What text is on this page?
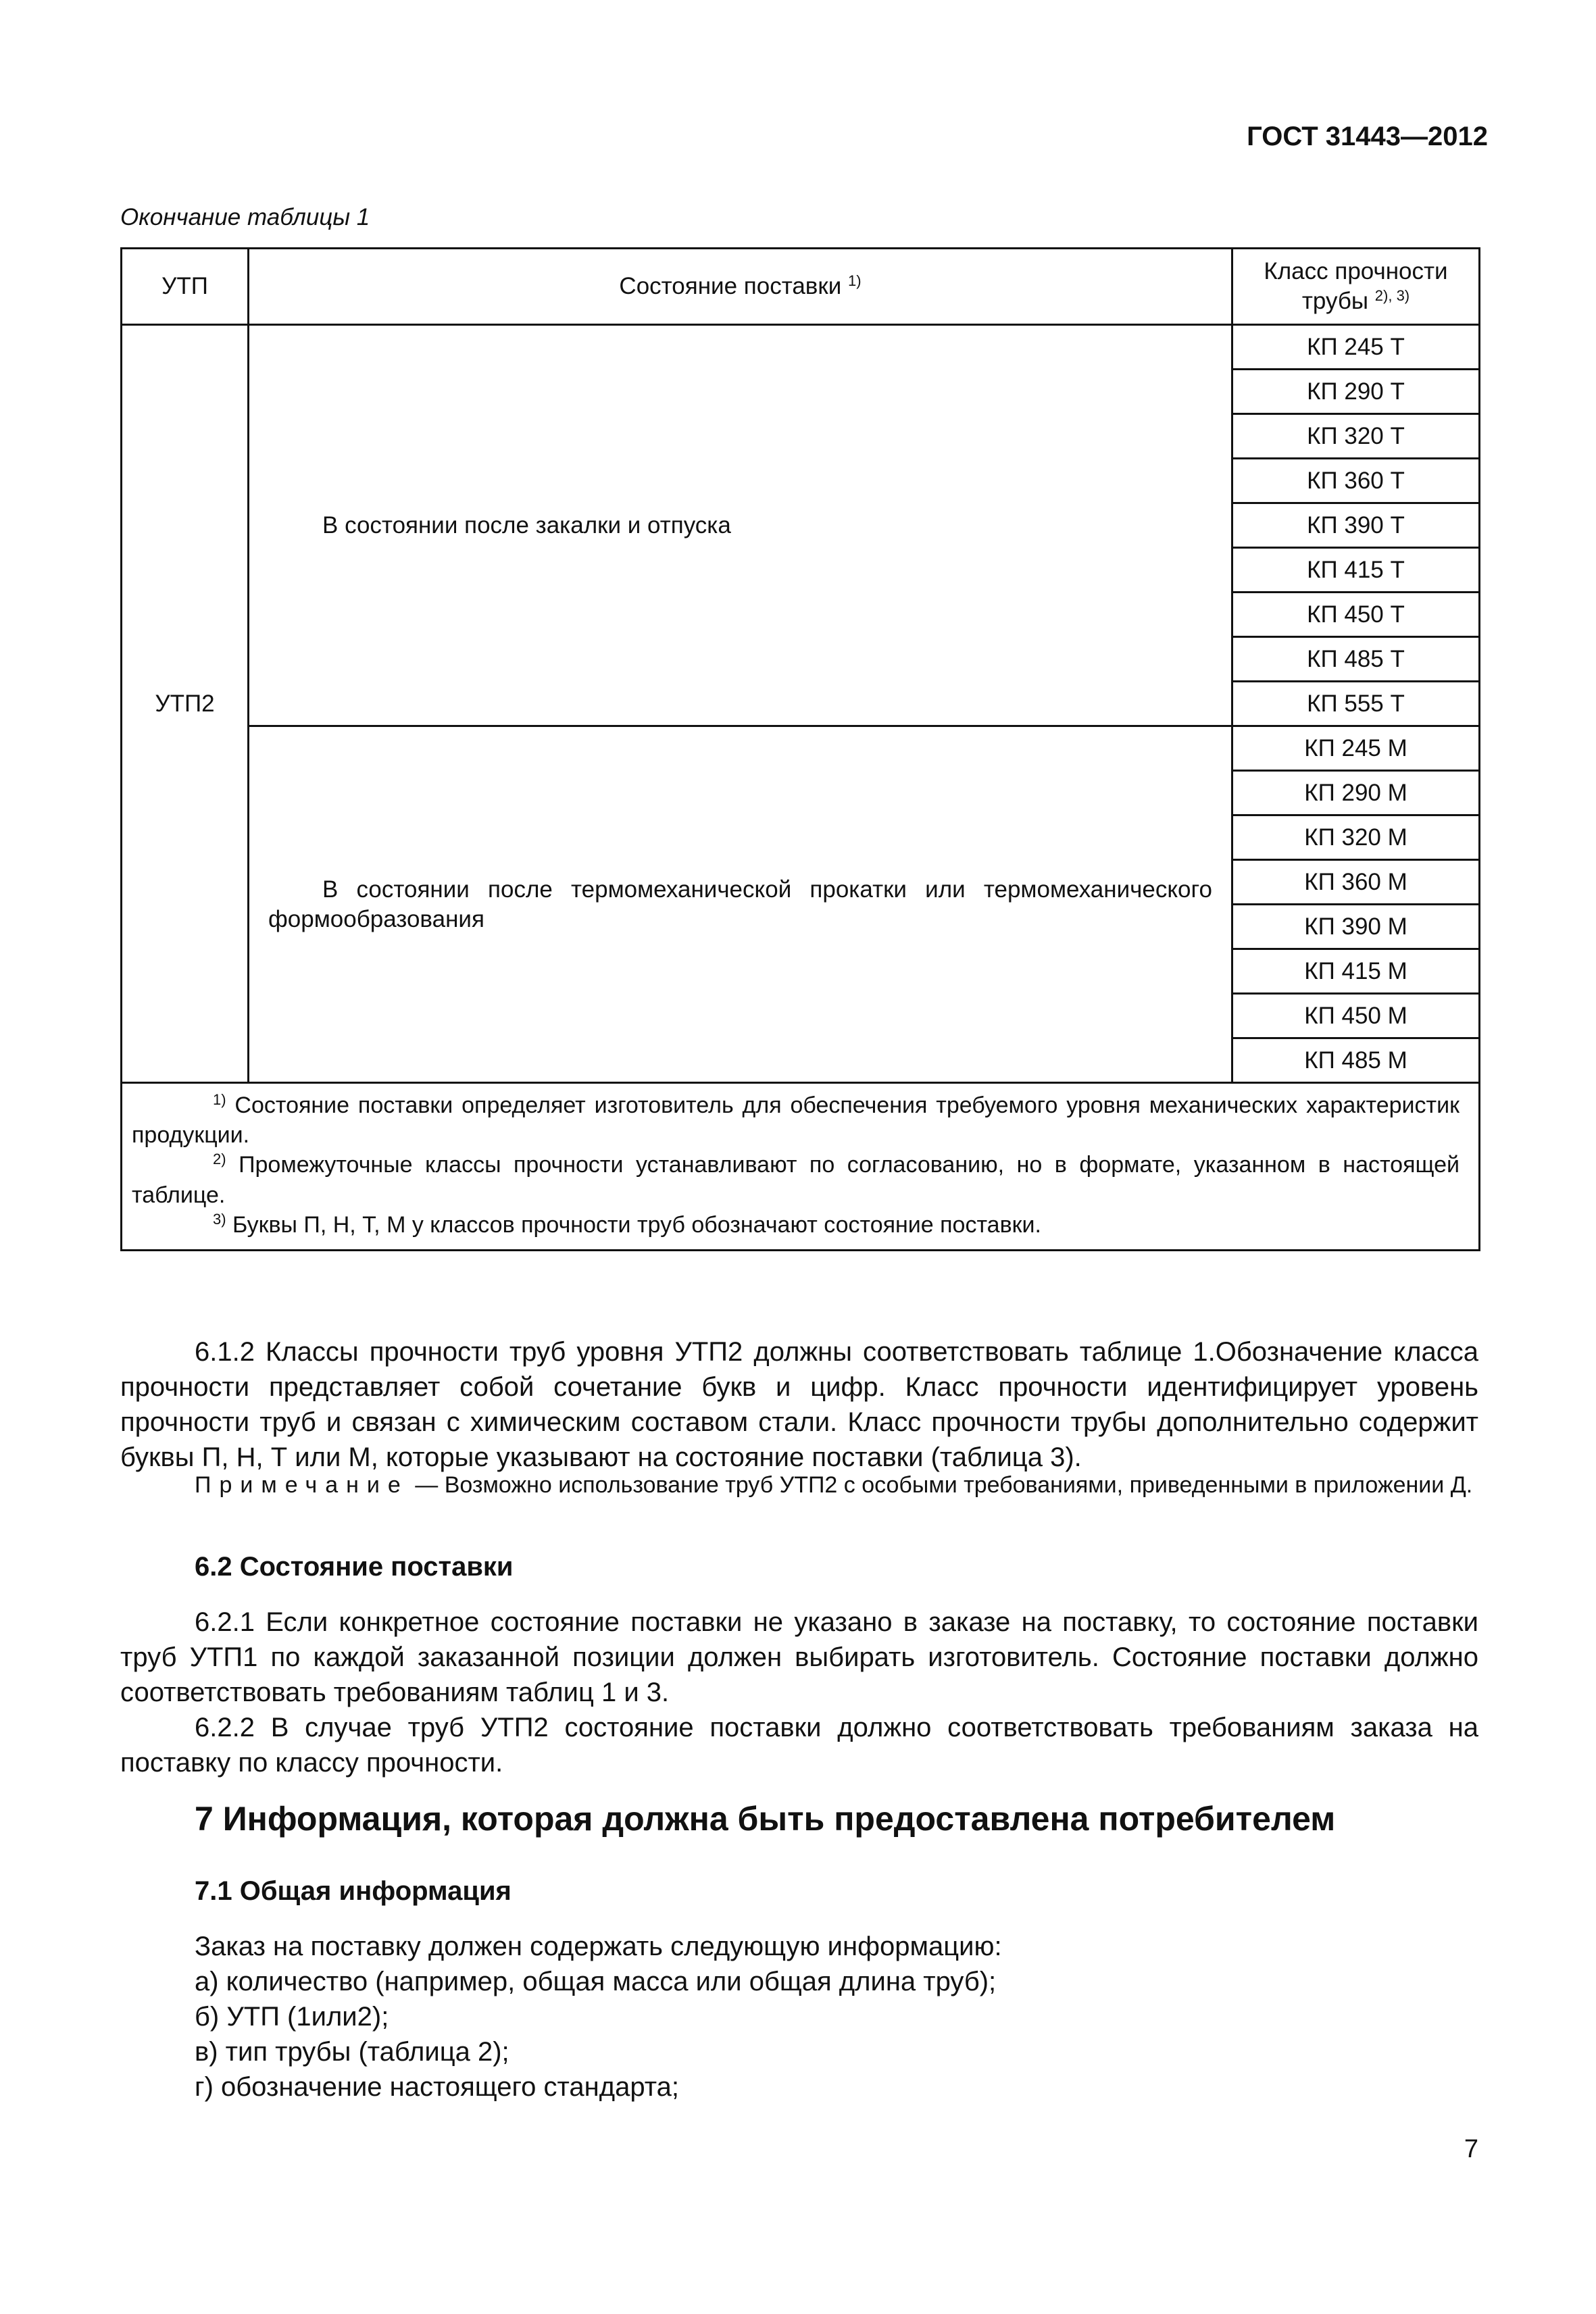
ГОСТ 31443—2012
Окончание таблицы 1
УТП	Состояние поставки $^{1)}$	Класс прочности
трубы $^{2), 3)}$
УТП2	В состоянии после закалки и отпуска	КП 245 Т
		КП 290 Т
		КП 320 Т
		КП 360 Т
		КП 390 Т
		КП 415 Т
		КП 450 Т
		КП 485 Т
		КП 555 Т

	В состоянии после термомеханической прокатки или термомеханического формообразования	КП 245 М
		КП 290 М
		КП 320 М
		КП 360 М
		КП 390 М
		КП 415 М
		КП 450 М
		КП 485 М

$^{1)}$ Состояние поставки определяет изготовитель для обеспечения требуемого уровня механических характеристик продукции.

$^{2)}$ Промежуточные классы прочности устанавливают по согласованию, но в формате, указанном в настоящей таблице.

$^{3)}$ Буквы П, Н, Т, М у классов прочности труб обозначают состояние поставки.		

6.1.2 Классы прочности труб уровня УТП2 должны соответствовать таблице 1.Обозначение класса прочности представляет собой сочетание букв и цифр. Класс прочности идентифицирует уровень прочности труб и связан с химическим составом стали. Класс прочности трубы дополнительно содержит буквы П, Н, Т или М, которые указывают на состояние поставки (таблица 3).

Примечание — Возможно использование труб УТП2 с особыми требованиями, приведенными в приложении Д.

6.2 Состояние поставки

6.2.1 Если конкретное состояние поставки не указано в заказе на поставку, то состояние поставки труб УТП1 по каждой заказанной позиции должен выбирать изготовитель. Состояние поставки должно соответствовать требованиям таблиц 1 и 3.

6.2.2 В случае труб УТП2 состояние поставки должно соответствовать требованиям заказа на поставку по классу прочности.

7 Информация, которая должна быть предоставлена потребителем
7.1 Общая информация
Заказ на поставку должен содержать следующую информацию:
а) количество (например, общая масса или общая длина труб);
б) УТП (1или2);
в) тип трубы (таблица 2);
г) обозначение настоящего стандарта;
7
